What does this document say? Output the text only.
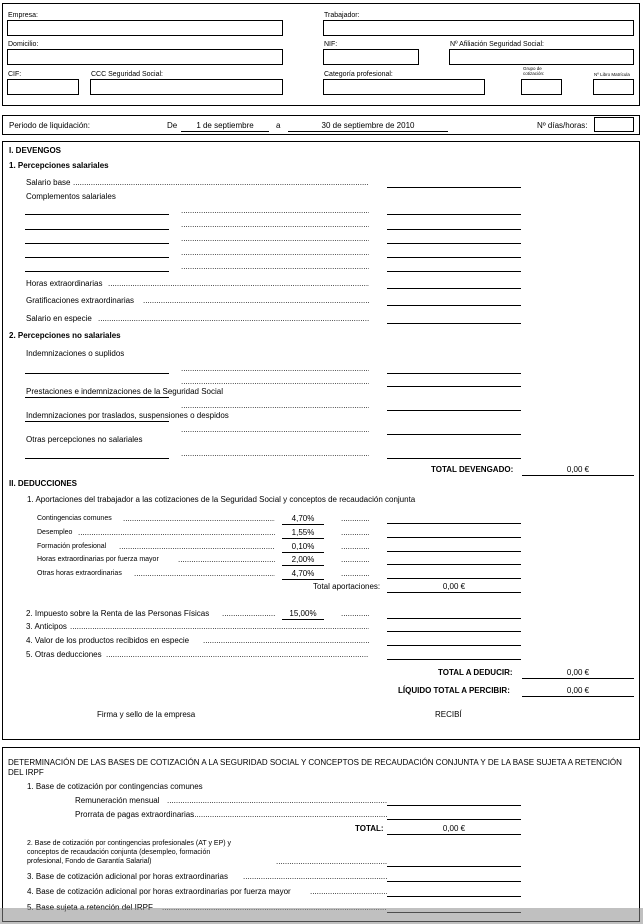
Empresa:	Trabajador:
Domicilio:	NIF:	Nº Afiliación Seguridad Social:
CIF:	CCC Seguridad Social:	Categoría profesional:
Grupo de
cotización:	Nº Libro Matrícula
Periodo de liquidación:	De	1 de septiembre	a	30 de septiembre de 2010	Nº días/horas:
I. DEVENGOS
1. Percepciones salariales
Salario base
.....
Complementos salariales
.....
.....
.....
.....
.....
Horas extraordinarias
.....
Gratificaciones extraordinarias
.....
Salario en especie
.....
2. Percepciones no salariales
Indemnizaciones o suplidos
.....
.....
Prestaciones e indemnizaciones de la Seguridad Social
.....
Indemnizaciones por traslados, suspensiones o despidos
.....
Otras percepciones no salariales
.....
TOTAL DEVENGADO:	0,00 €
II. DEDUCCIONES
1. Aportaciones del trabajador a las cotizaciones de la Seguridad Social y conceptos de recaudación conjunta
Contingencias comunes .....	4,70%
.....
Desempleo .....	1,55%
.....
Formación profesional .....	0,10%
.....
Horas extraordinarias por fuerza mayor .....	2,00%
.....
Otras horas extraordinarias .....	4,70%
.....
Total aportaciones:	0,00 €
2. Impuesto sobre la Renta de las Personas Físicas .....	15,00%
.....
3. Anticipos
.....
4. Valor de los productos recibidos en especie
.....
5. Otras deducciones
.....
TOTAL A DEDUCIR:	0,00 €
LÍQUIDO TOTAL A PERCIBIR:	0,00 €
Firma y sello de la empresa	RECIBÍ
DETERMINACIÓN DE LAS BASES DE COTIZACIÓN A LA SEGURIDAD SOCIAL Y CONCEPTOS DE RECAUDACIÓN CONJUNTA Y DE LA BASE SUJETA A RETENCIÓN DEL IRPF
1. Base de cotización por contingencias comunes
Remuneración mensual
.....
Prorrata de pagas extraordinarias
.....
TOTAL:	0,00 €
2. Base de cotización por contingencias profesionales (AT y EP) y
conceptos de recaudación conjunta (desempleo, formación
profesional, Fondo de Garantía Salarial)
.....
3. Base de cotización adicional por horas extraordinarias
.....
4. Base de cotización adicional por horas extraordinarias por fuerza mayor
.....
.....
